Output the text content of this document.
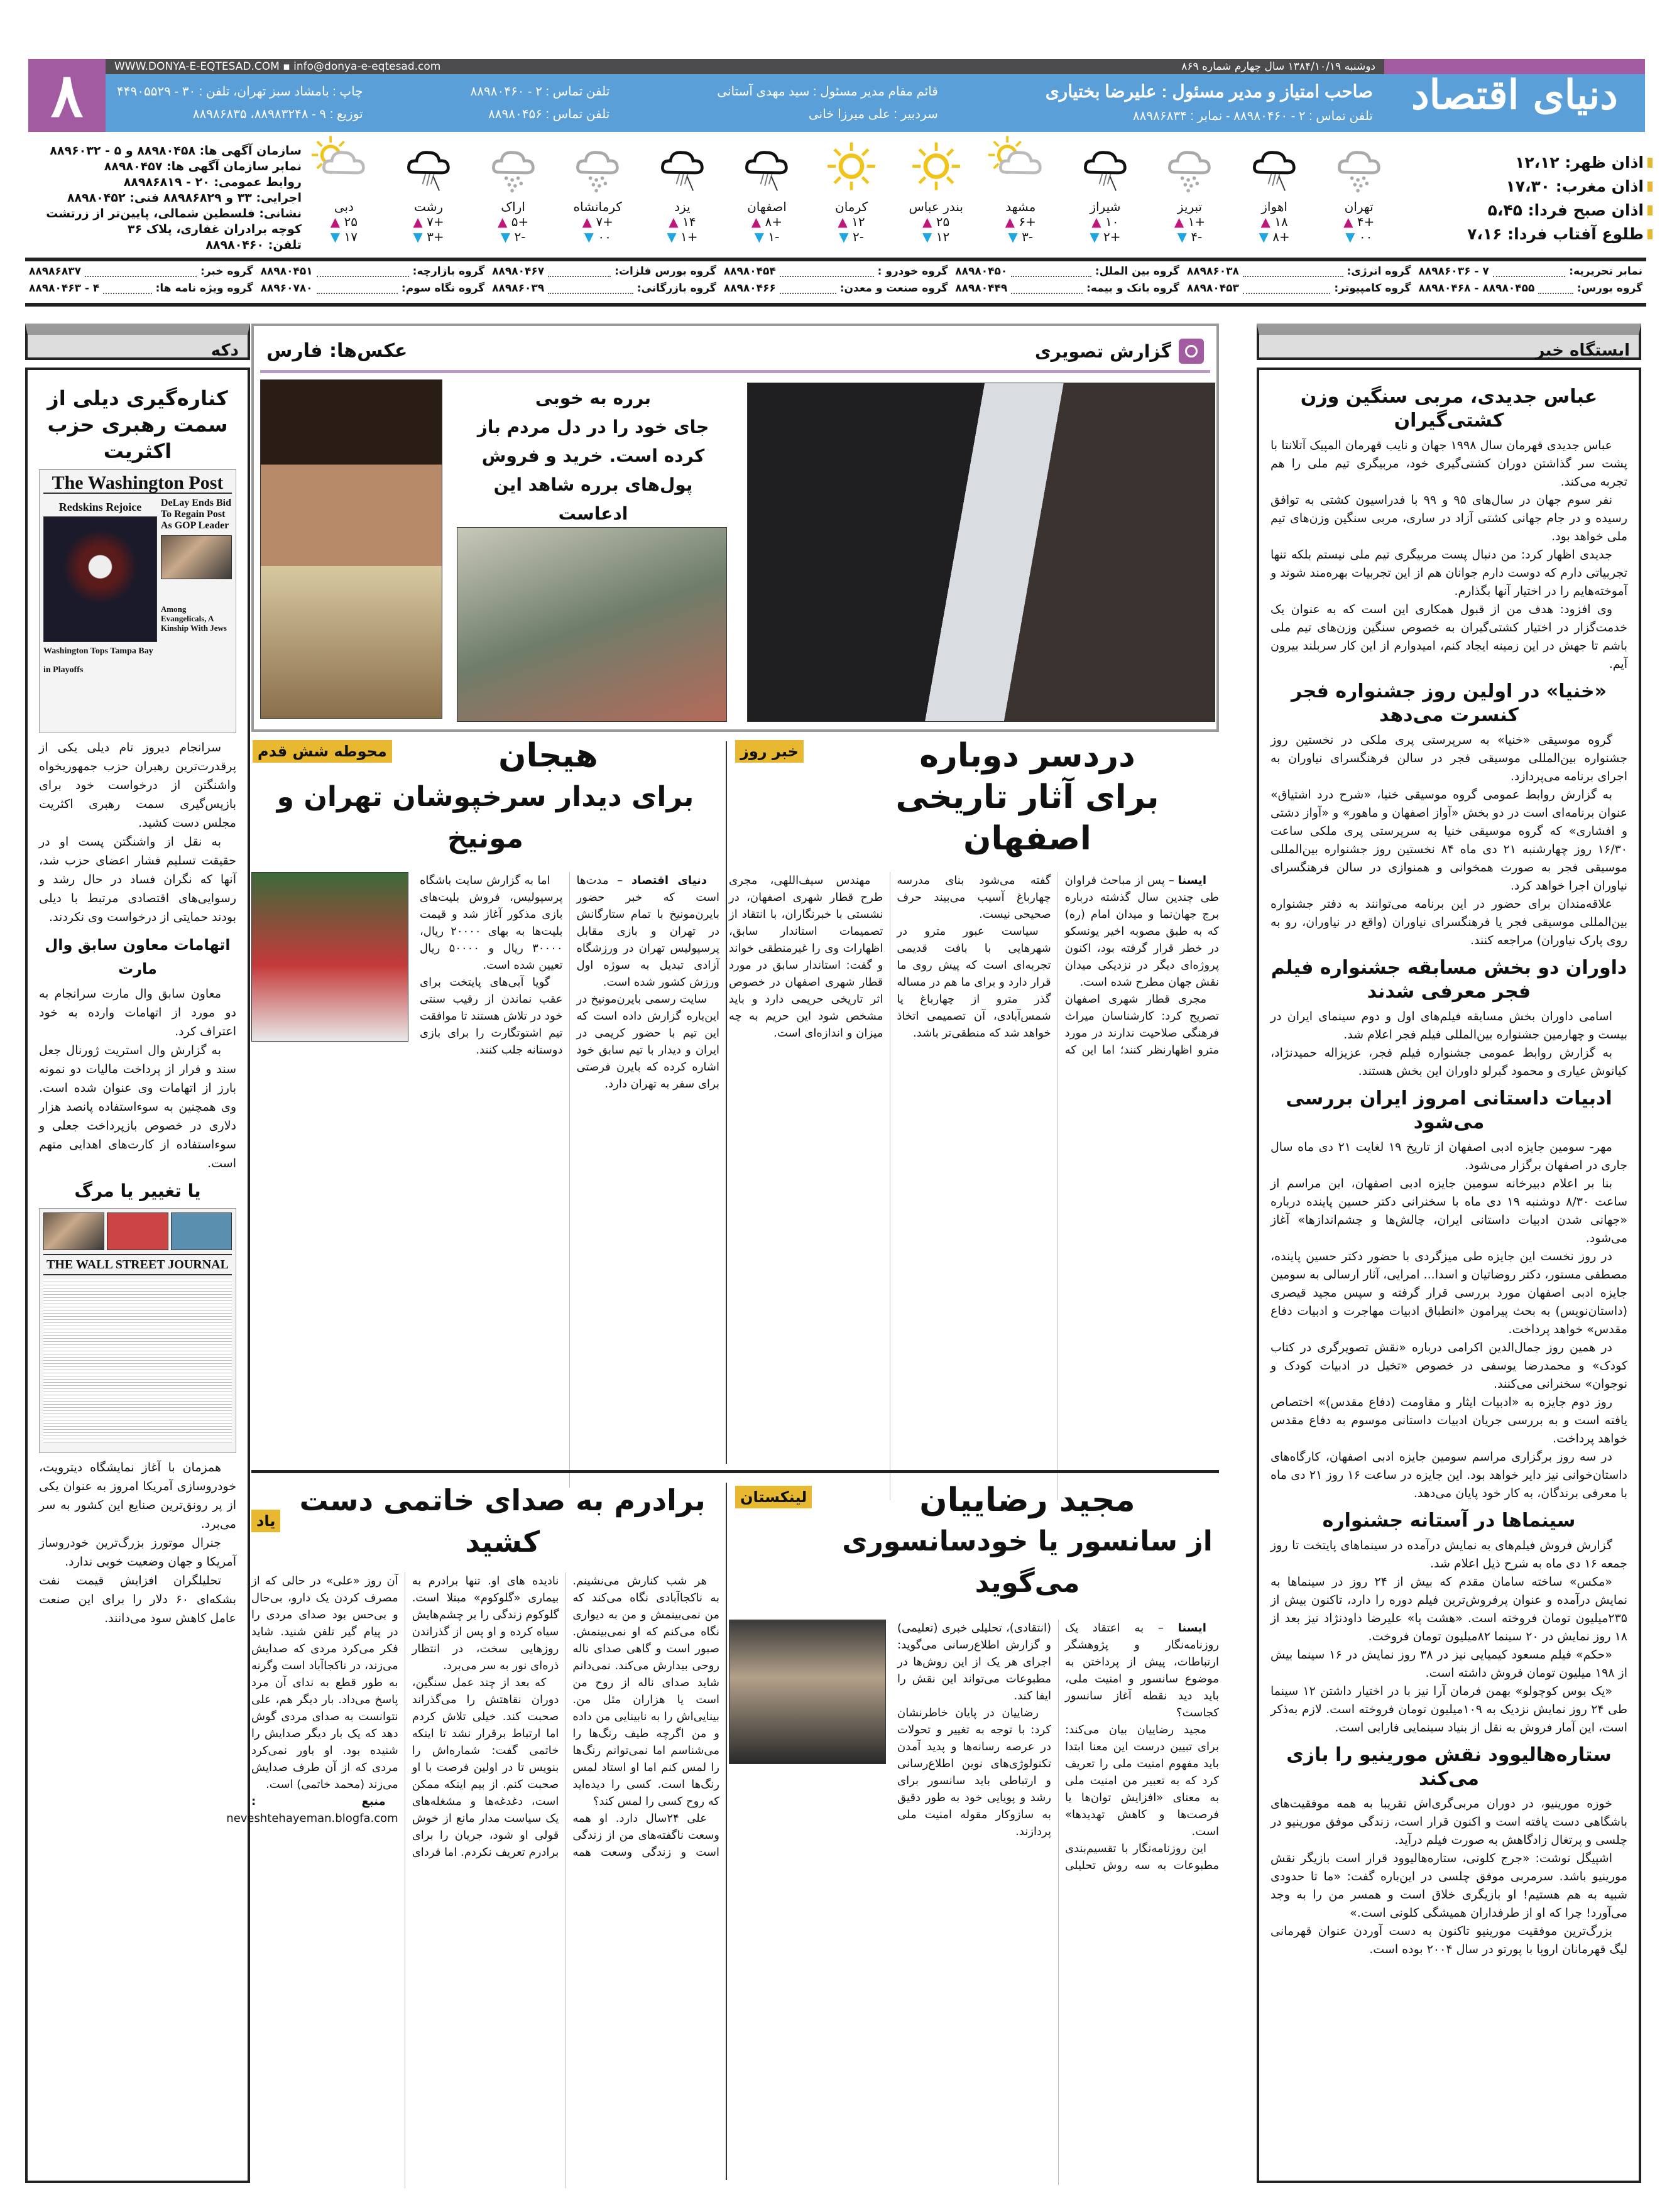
۸	WWW.DONYA-E-EQTESAD.COM ▪ info@donya-e-eqtesad.com	دوشنبه ۱۳۸۴/۱۰/۱۹ سال چهارم شماره ۸۶۹
صاحب امتیاز و مدیر مسئول : علیرضا بختیاری
تلفن تماس : ۲ - ۸۸۹۸۰۴۶۰ - نمابر : ۸۸۹۸۶۸۳۴
قائم مقام مدیر مسئول : سید مهدی آستانی
سردبیر : علی میرزا خانی
تلفن تماس : ۲ - ۸۸۹۸۰۴۶۰
تلفن تماس : ۸۸۹۸۰۴۵۶
چاپ : بامشاد سبز تهران، تلفن : ۳۰ - ۴۴۹۰۵۵۲۹
توزیع : ۹ - ۸۸۹۸۳۲۴۸، ۸۸۹۸۶۸۳۵	دنیای اقتصاد
اذان ظهر: ۱۲،۱۲
اذان مغرب: ۱۷،۳۰
اذان صبح فردا: ۵،۴۵
طلوع آفتاب فردا: ۷،۱۶
تهران
+۴ ▲
۰۰ ▼
اهواز
۱۸ ▲
+۸ ▼
تبریز
+۱ ▲
-۴ ▼
شیراز
۱۰ ▲
+۲ ▼
مشهد
+۶ ▲
-۳ ▼
بندر عباس
۲۵ ▲
۱۲ ▼
کرمان
۱۲ ▲
-۲ ▼
اصفهان
+۸ ▲
-۱ ▼
یزد
۱۴ ▲
+۱ ▼
کرمانشاه
+۷ ▲
۰۰ ▼
اراک
+۵ ▲
-۲ ▼
رشت
+۷ ▲
+۳ ▼
دبی
۲۵ ▲
۱۷ ▼
سازمان آگهی ها: ۸۸۹۸۰۴۵۸ و ۵ - ۸۸۹۶۰۳۲
نمابر سازمان آگهی ها: ۸۸۹۸۰۴۵۷
روابط عمومی: ۲۰ - ۸۸۹۸۶۸۱۹
اجرایی: ۳۳ و ۸۸۹۸۶۸۲۹ فنی: ۸۸۹۸۰۴۵۲
نشانی: فلسطین شمالی، پایین‌تر از زرتشت
کوچه برادران غفاری، پلاک ۳۶
تلفن: ۸۸۹۸۰۴۶۰
نمابر تحریریه:
۷ - ۸۸۹۸۶۰۳۶
گروه انرژی:
۸۸۹۸۶۰۳۸
گروه بین الملل:
۸۸۹۸۰۴۵۰
گروه خودرو :
۸۸۹۸۰۴۵۴
گروه بورس فلزات:
۸۸۹۸۰۴۶۷
گروه بازارچه:
۸۸۹۸۰۴۵۱
گروه خبر:
۸۸۹۸۶۸۳۷
گروه بورس:
۸۸۹۸۰۴۵۵ - ۸۸۹۸۰۴۶۸
گروه کامپیوتر:
۸۸۹۸۰۴۵۳
گروه بانک و بیمه:
۸۸۹۸۰۴۴۹
گروه صنعت و معدن:
۸۸۹۸۰۴۶۶
گروه بازرگانی:
۸۸۹۸۶۰۳۹
گروه نگاه سوم:
۸۸۹۶۰۷۸۰
گروه ویژه نامه ها:
۴ - ۸۸۹۸۰۴۶۳
ایستگاه خبر
عباس جدیدی، مربی سنگین وزن کشتی‌گیران

عباس جدیدی قهرمان سال ۱۹۹۸ جهان و نایب قهرمان المپیک آتلانتا با پشت سر گذاشتن دوران کشتی‌گیری خود، مربیگری تیم ملی را هم تجربه می‌کند.

نفر سوم جهان در سال‌های ۹۵ و ۹۹ با فدراسیون کشتی به توافق رسیده و در جام جهانی کشتی آزاد در ساری، مربی سنگین وزن‌های تیم ملی خواهد بود.

جدیدی اظهار کرد: من دنبال پست مربیگری تیم ملی نیستم بلکه تنها تجربیاتی دارم که دوست دارم جوانان هم از این تجربیات بهره‌مند شوند و آموخته‌هایم را در اختیار آنها بگذارم.

وی افزود: هدف من از قبول همکاری این است که به عنوان یک خدمت‌گزار در اختیار کشتی‌گیران به خصوص سنگین وزن‌های تیم ملی باشم تا جهش در این زمینه ایجاد کنم، امیدوارم از این کار سربلند بیرون آیم.

«خنیا» در اولین روز جشنواره فجر کنسرت می‌دهد

گروه موسیقی «خنیا» به سرپرستی پری ملکی در نخستین روز جشنواره بین‌المللی موسیقی فجر در سالن فرهنگسرای نیاوران به اجرای برنامه می‌پردازد.

به گزارش روابط عمومی گروه موسیقی خنیا، «شرح درد اشتیاق» عنوان برنامه‌ای است در دو بخش «آواز اصفهان و ماهور» و «آواز دشتی و افشاری» که گروه موسیقی خنیا به سرپرستی پری ملکی ساعت ۱۶/۳۰ روز چهارشنبه ۲۱ دی ماه ۸۴ نخستین روز جشنواره بین‌المللی موسیقی فجر به صورت همخوانی و همنوازی در سالن فرهنگسرای نیاوران اجرا خواهد کرد.

علاقه‌مندان برای حضور در این برنامه می‌توانند به دفتر جشنواره بین‌المللی موسیقی فجر یا فرهنگسرای نیاوران (واقع در نیاوران، رو به روی پارک نیاوران) مراجعه کنند.

داوران دو بخش مسابقه جشنواره فیلم فجر معرفی شدند

اسامی داوران بخش مسابقه فیلم‌های اول و دوم سینمای ایران در بیست و چهارمین جشنواره بین‌المللی فیلم فجر اعلام شد.

به گزارش روابط عمومی جشنواره فیلم فجر، عزیزاله حمیدنژاد، کیانوش عیاری و محمود گبرلو داوران این بخش هستند.

ادبیات داستانی امروز ایران بررسی می‌شود

مهر- سومین جایزه ادبی اصفهان از تاریخ ۱۹ لغایت ۲۱ دی ماه سال جاری در اصفهان برگزار می‌شود.

بنا بر اعلام دبیرخانه سومین جایزه ادبی اصفهان، این مراسم از ساعت ۸/۳۰ دوشنبه ۱۹ دی ماه با سخنرانی دکتر حسین پاینده درباره «جهانی شدن ادبیات داستانی ایران، چالش‌ها و چشم‌اندازها» آغاز می‌شود.

در روز نخست این جایزه طی میزگردی با حضور دکتر حسین پاینده، مصطفی مستور، دکتر روضاتیان و اسدا... امرایی، آثار ارسالی به سومین جایزه ادبی اصفهان مورد بررسی قرار گرفته و سپس مجید قیصری (داستان‌نویس) به بحث پیرامون «انطباق ادبیات مهاجرت و ادبیات دفاع مقدس» خواهد پرداخت.

در همین روز جمال‌الدین اکرامی درباره «نقش تصویرگری در کتاب کودک» و محمدرضا یوسفی در خصوص «تخیل در ادبیات کودک و نوجوان» سخنرانی می‌کنند.

روز دوم جایزه به «ادبیات ایثار و مقاومت (دفاع مقدس)» اختصاص یافته است و به بررسی جریان ادبیات داستانی موسوم به دفاع مقدس خواهد پرداخت.

در سه روز برگزاری مراسم سومین جایزه ادبی اصفهان، کارگاه‌های داستان‌خوانی نیز دایر خواهد بود. این جایزه در ساعت ۱۶ روز ۲۱ دی ماه با معرفی برندگان، به کار خود پایان می‌دهد.

سینماها در آستانه جشنواره

گزارش فروش فیلم‌های به نمایش درآمده در سینماهای پایتخت تا روز جمعه ۱۶ دی ماه به شرح ذیل اعلام شد.

«مکس» ساخته سامان مقدم که بیش از ۲۴ روز در سینماها به نمایش درآمده و عنوان پرفروش‌ترین فیلم دوره را دارد، تاکنون بیش از ۲۳۵میلیون تومان فروخته است. «هشت پا» علیرضا داودنژاد نیز بعد از ۱۸ روز نمایش در ۲۰ سینما ۸۲میلیون تومان فروخت.

«حکم» فیلم مسعود کیمیایی نیز در ۳۸ روز نمایش در ۱۶ سینما بیش از ۱۹۸ میلیون تومان فروش داشته است.

«یک بوس کوچولو» بهمن فرمان آرا نیز با در اختیار داشتن ۱۲ سینما طی ۲۴ روز نمایش نزدیک به ۱۰۹میلیون تومان فروخته است. لازم به‌ذکر است، این آمار فروش به نقل از بنیاد سینمایی فارابی است.

ستاره‌هالیوود نقش مورینیو را بازی می‌کند

خوزه مورینیو، در دوران مربی‌گری‌اش تقریبا به همه موفقیت‌های باشگاهی دست یافته است و اکنون قرار است، زندگی موفق مورینیو در چلسی و پرتغال زادگاهش به صورت فیلم درآید.

اشپیگل نوشت: «جرج کلونی، ستاره‌هالیوود قرار است بازیگر نقش مورینیو باشد. سرمربی موفق چلسی در این‌باره گفت: «ما تا حدودی شبیه به هم هستیم! او بازیگری خلاق است و همسر من را به وجد می‌آورد! چرا که او از طرفداران همیشگی کلونی است.»

بزرگ‌ترین موفقیت مورینیو تاکنون به دست آوردن عنوان قهرمانی لیگ قهرمانان اروپا با پورتو در سال ۲۰۰۴ بوده است.

دکه
کناره‌گیری دیلی از سمت رهبری حزب اکثریت
The Washington Post
Redskins Rejoice
Washington Tops Tampa Bay in Playoffs
DeLay Ends Bid To Regain Post As GOP Leader
Among Evangelicals, A Kinship With Jews

سرانجام دیروز تام دیلی یکی از پرقدرت‌ترین رهبران حزب جمهوریخواه واشنگتن از درخواست خود برای بازپس‌گیری سمت رهبری اکثریت مجلس دست کشید.

به نقل از واشنگتن پست او در حقیقت تسلیم فشار اعضای حزب شد، آنها که نگران فساد در حال رشد و رسوایی‌های اقتصادی مرتبط با دیلی بودند حمایتی از درخواست وی نکردند.

اتهامات معاون سابق وال مارت

معاون سابق وال مارت سرانجام به دو مورد از اتهامات وارده به خود اعتراف کرد.

به گزارش وال استریت ژورنال جعل سند و فرار از پرداخت مالیات دو نمونه بارز از اتهامات وی عنوان شده است. وی همچنین به سوءاستفاده پانصد هزار دلاری در خصوص بازپرداخت جعلی و سوءاستفاده از کارت‌های اهدایی متهم است.

یا تغییر یا مرگ
THE WALL STREET JOURNAL

همزمان با آغاز نمایشگاه دیترویت، خودروسازی آمریکا امروز به عنوان یکی از پر رونق‌ترین صنایع این کشور به سر می‌برد.

جنرال موتورز بزرگ‌ترین خودروساز آمریکا و جهان وضعیت خوبی ندارد.

تحلیلگران افزایش قیمت نفت بشکه‌ای ۶۰ دلار را برای این صنعت عامل کاهش سود می‌دانند.

گزارش تصویری
عکس‌ها: فارس
برره به خوبی
جای خود را در دل مردم باز کرده است. خرید و فروش پول‌های برره شاهد این ادعاست
خبر روز	دردسر دوباره
برای آثار تاریخی اصفهان

ایسنا – پس از مباحث فراوان طی چندین سال گذشته درباره برج جهان‌نما و میدان امام (ره) که به طبق مصوبه اخیر یونسکو در خطر قرار گرفته بود، اکنون پروژه‌ای دیگر در نزدیکی میدان نقش جهان مطرح شده است.

مجری قطار شهری اصفهان تصریح کرد: کارشناسان میراث فرهنگی صلاحیت ندارند در مورد مترو اظهارنظر کنند؛ اما این که گفته می‌شود بنای مدرسه چهارباغ آسیب می‌بیند حرف صحیحی نیست.

سیاست عبور مترو در شهرهایی با بافت قدیمی تجربه‌ای است که پیش روی ما قرار دارد و برای ما هم در مساله گذر مترو از چهارباغ یا شمس‌آبادی، آن تصمیمی اتخاذ خواهد شد که منطقی‌تر باشد.

مهندس سیف‌اللهی، مجری طرح قطار شهری اصفهان، در نشستی با خبرنگاران، با انتقاد از تصمیمات استاندار سابق، اظهارات وی را غیرمنطقی خواند و گفت: استاندار سابق در مورد قطار شهری اصفهان در خصوص اثر تاریخی حریمی دارد و باید مشخص شود این حریم به چه میزان و اندازه‌ای است.

محوطه شش قدم	هیجان
برای دیدار سرخپوشان تهران و مونیخ

دنیای اقتصاد – مدت‌ها است که خبر حضور بایرن‌مونیخ با تمام ستارگانش در تهران و بازی مقابل پرسپولیس تهران در ورزشگاه آزادی تبدیل به سوژه اول ورزش کشور شده است.

سایت رسمی بایرن‌مونیخ در این‌باره گزارش داده است که این تیم با حضور کریمی در ایران و دیدار با تیم سابق خود اشاره کرده که بایرن فرصتی برای سفر به تهران دارد.

اما به گزارش سایت باشگاه پرسپولیس، فروش بلیت‌های بازی مذکور آغاز شد و قیمت بلیت‌ها به بهای ۲۰۰۰۰ ریال، ۳۰۰۰۰ ریال و ۵۰۰۰۰ ریال تعیین شده است.

گویا آبی‌های پایتخت برای عقب نماندن از رقیب سنتی خود در تلاش هستند تا موافقت تیم اشتوتگارت را برای بازی دوستانه جلب کنند.

لینکستان	مجید رضاییان
از سانسور یا خودسانسوری می‌گوید

ایسنا – به اعتقاد یک روزنامه‌نگار و پژوهشگر ارتباطات، پیش از پرداختن به موضوع سانسور و امنیت ملی، باید دید نقطه آغاز سانسور کجاست؟

مجید رضاییان بیان می‌کند: برای تبیین درست این معنا ابتدا باید مفهوم امنیت ملی را تعریف کرد که به تعبیر من امنیت ملی به معنای «افزایش توان‌ها یا فرصت‌ها و کاهش تهدیدها» است.

این روزنامه‌نگار با تقسیم‌بندی مطبوعات به سه روش تحلیلی (انتقادی)، تحلیلی خبری (تعلیمی) و گزارش اطلاع‌رسانی می‌گوید: اجرای هر یک از این روش‌ها در مطبوعات می‌تواند این نقش را ایفا کند.

رضاییان در پایان خاطرنشان کرد: با توجه به تغییر و تحولات در عرصه رسانه‌ها و پدید آمدن تکنولوژی‌های نوین اطلاع‌رسانی و ارتباطی باید سانسور برای رشد و پویایی خود به طور دقیق به سازوکار مقوله امنیت ملی پردازند.

برادرم به صدای خاتمی دست کشید
یاد

هر شب کنارش می‌نشینم. به ناکجاآبادی نگاه می‌کند که من نمی‌بینمش و من به دیواری نگاه می‌کنم که او نمی‌بینمش. صبور است و گاهی صدای ناله روحی بیدارش می‌کند. نمی‌دانم شاید صدای ناله از روح من است یا هزاران مثل من. بینایی‌اش را به نابینایی من داده و من اگرچه طیف رنگ‌ها را می‌شناسم اما نمی‌توانم رنگ‌ها را لمس کنم اما او استاد لمس رنگ‌ها است. کسی را دیده‌اید که روح کسی را لمس کند؟

علی ۲۴سال دارد. او همه وسعت ناگفته‌های من از زندگی است و زندگی وسعت همه نادیده های او. تنها برادرم به بیماری «گلوکوم» مبتلا است. گلوکوم زندگی را بر چشم‌هایش سیاه کرده و او پس از گذراندن روزهایی سخت، در انتظار ذره‌ای نور به سر می‌برد.

که بعد از چند عمل سنگین، دوران نقاهتش را می‌گذراند صحبت کند. خیلی تلاش کردم اما ارتباط برقرار نشد تا اینکه خاتمی گفت: شماره‌اش را بنویس تا در اولین فرصت با او صحبت کنم. از بیم اینکه ممکن است، دغدغه‌ها و مشغله‌های یک سیاست مدار مانع از خوش قولی او شود، جریان را برای برادرم تعریف نکردم. اما فردای آن روز «علی» در حالی که از مصرف کردن یک دارو، بی‌حال و بی‌حس بود صدای مردی را در پیام گیر تلفن شنید. شاید فکر می‌کرد مردی که صدایش می‌زند، در ناکجاآباد است وگرنه به طور قطع به ندای آن مرد پاسخ می‌داد. بار دیگر هم، علی نتوانست به صدای مردی گوش دهد که یک بار دیگر صدایش را شنیده بود. او باور نمی‌کرد مردی که از آن طرف صدایش می‌زند (محمد خاتمی) است.

منبع : neveshtehayeman.blogfa.com
